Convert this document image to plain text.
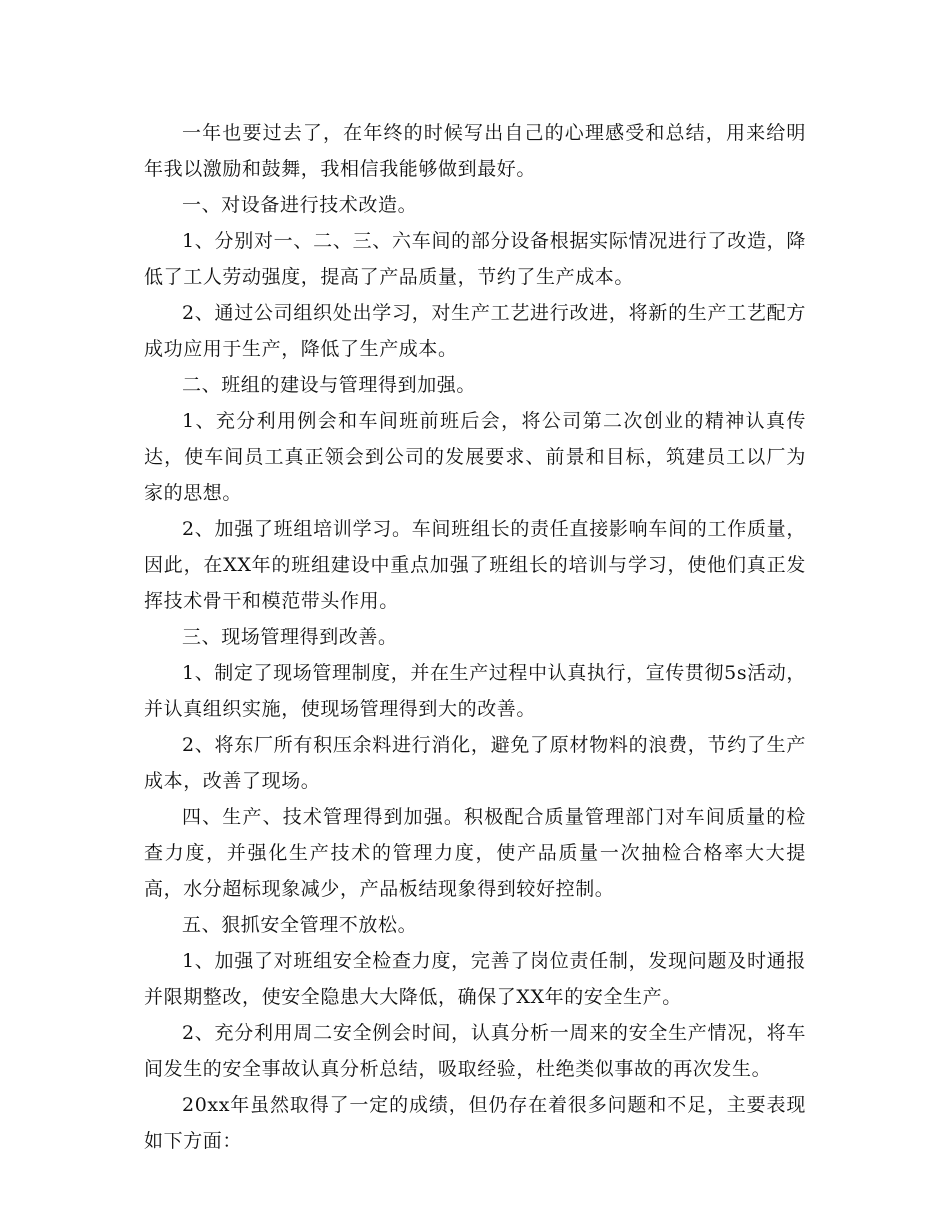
一年也要过去了，在年终的时候写出自己的心理感受和总结，用来给明年我以激励和鼓舞，我相信我能够做到最好。

一、对设备进行技术改造。

1、分别对一、二、三、六车间的部分设备根据实际情况进行了改造，降低了工人劳动强度，提高了产品质量，节约了生产成本。

2、通过公司组织处出学习，对生产工艺进行改进，将新的生产工艺配方成功应用于生产，降低了生产成本。

二、班组的建设与管理得到加强。

1、充分利用例会和车间班前班后会，将公司第二次创业的精神认真传达，使车间员工真正领会到公司的发展要求、前景和目标，筑建员工以厂为家的思想。

2、加强了班组培训学习。车间班组长的责任直接影响车间的工作质量，因此，在XX年的班组建设中重点加强了班组长的培训与学习，使他们真正发挥技术骨干和模范带头作用。

三、现场管理得到改善。

1、制定了现场管理制度，并在生产过程中认真执行，宣传贯彻5s活动，并认真组织实施，使现场管理得到大的改善。

2、将东厂所有积压余料进行消化，避免了原材物料的浪费，节约了生产成本，改善了现场。

四、生产、技术管理得到加强。积极配合质量管理部门对车间质量的检查力度，并强化生产技术的管理力度，使产品质量一次抽检合格率大大提高，水分超标现象减少，产品板结现象得到较好控制。

五、狠抓安全管理不放松。

1、加强了对班组安全检查力度，完善了岗位责任制，发现问题及时通报并限期整改，使安全隐患大大降低，确保了XX年的安全生产。

2、充分利用周二安全例会时间，认真分析一周来的安全生产情况，将车间发生的安全事故认真分析总结，吸取经验，杜绝类似事故的再次发生。

20xx年虽然取得了一定的成绩，但仍存在着很多问题和不足，主要表现如下方面：
